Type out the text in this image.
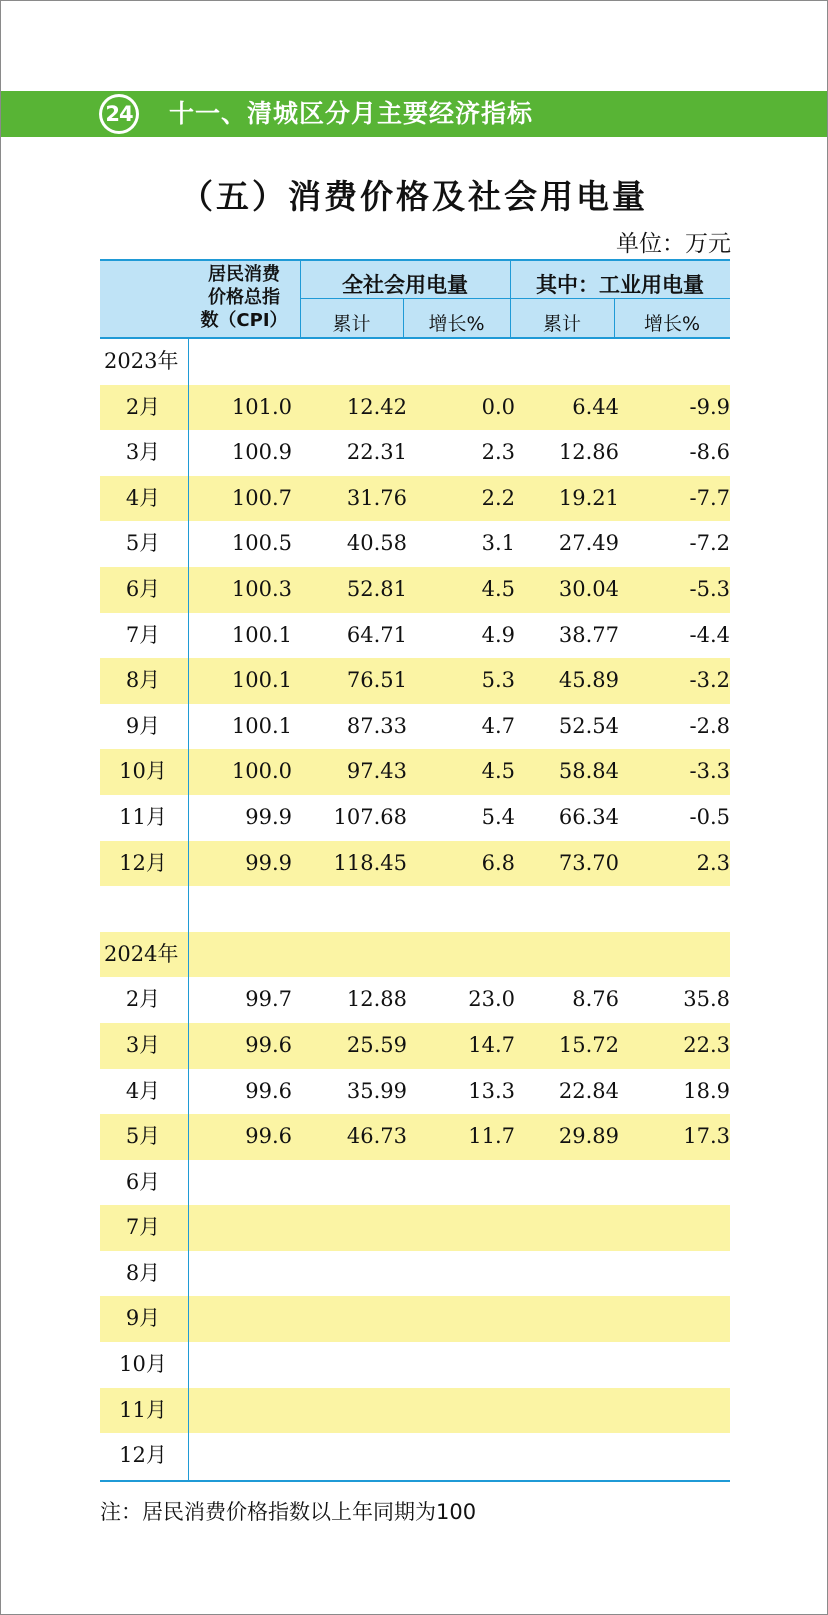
24 十一、清城区分月主要经济指标
（五）消费价格及社会用电量
单位：万元
居民消费
价格总指
数（CPI）
全社会用电量	其中：工业用电量
累计	增长%	累计	增长%
2023年
2月	101.0	12.42	0.0	6.44	-9.9
3月	100.9	22.31	2.3 12.86	-8.6
4月	100.7	31.76	2.2 19.21	-7.7
5月	100.5	40.58	3.1 27.49	-7.2
6月	100.3	52.81	4.5 30.04	-5.3
7月	100.1	64.71	4.9 38.77	-4.4
8月	100.1	76.51	5.3 45.89	-3.2
9月	100.1	87.33	4.7 52.54	-2.8
10月	100.0	97.43	4.5 58.84	-3.3
11月	99.9 107.68	5.4 66.34	-0.5
12月	99.9 118.45	6.8 73.70	2.3
2024年
2月	99.7	12.88	23.0	8.76	35.8
3月	99.6	25.59	14.7 15.72	22.3
4月	99.6	35.99	13.3 22.84	18.9
5月	99.6	46.73	11.7 29.89	17.3
6月
7月
8月
9月
10月
11月
12月
注：居民消费价格指数以上年同期为100
